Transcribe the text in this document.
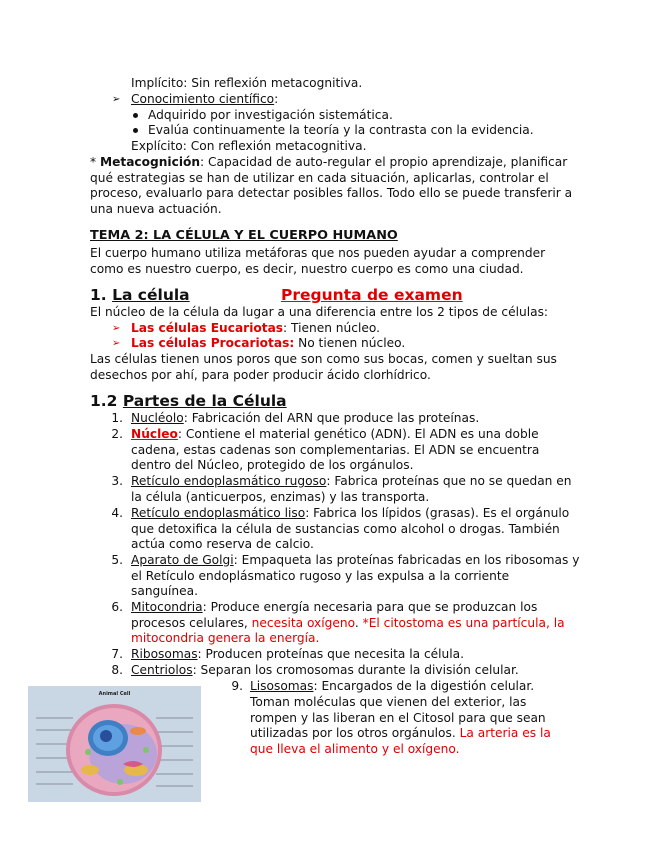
Implícito: Sin reflexión metacognitiva.
➢ Conocimiento científico:
Adquirido por investigación sistemática.
Evalúa continuamente la teoría y la contrasta con la evidencia.
Explícito: Con reflexión metacognitiva.
* Metacognición: Capacidad de auto-regular el propio aprendizaje, planificar
qué estrategias se han de utilizar en cada situación, aplicarlas, controlar el
proceso, evaluarlo para detectar posibles fallos. Todo ello se puede transferir a
una nueva actuación.
TEMA 2: LA CÉLULA Y EL CUERPO HUMANO
El cuerpo humano utiliza metáforas que nos pueden ayudar a comprender
como es nuestro cuerpo, es decir, nuestro cuerpo es como una ciudad.
1. La célula	Pregunta de examen
El núcleo de la célula da lugar a una diferencia entre los 2 tipos de células:
➢ Las células Eucariotas: Tienen núcleo.
➢ Las células Procariotas: No tienen núcleo.
Las células tienen unos poros que son como sus bocas, comen y sueltan sus
desechos por ahí, para poder producir ácido clorhídrico.
1.2 Partes de la Célula
1. Nucléolo: Fabricación del ARN que produce las proteínas.
2. Núcleo: Contiene el material genético (ADN). El ADN es una doble
cadena, estas cadenas son complementarias. El ADN se encuentra
dentro del Núcleo, protegido de los orgánulos.
3. Retículo endoplasmático rugoso: Fabrica proteínas que no se quedan en
la célula (anticuerpos, enzimas) y las transporta.
4. Retículo endoplasmático liso: Fabrica los lípidos (grasas). Es el orgánulo
que detoxifica la célula de sustancias como alcohol o drogas. También
actúa como reserva de calcio.
5. Aparato de Golgi: Empaqueta las proteínas fabricadas en los ribosomas y
el Retículo endoplásmatico rugoso y las expulsa a la corriente
sanguínea.
6. Mitocondria: Produce energía necesaria para que se produzcan los
procesos celulares, necesita oxígeno. *El citostoma es una partícula, la
mitocondria genera la energía.
7. Ribosomas: Producen proteínas que necesita la célula.
8. Centriolos: Separan los cromosomas durante la división celular.
9. Lisosomas: Encargados de la digestión celular.
Toman moléculas que vienen del exterior, las
rompen y las liberan en el Citosol para que sean
utilizadas por los otros orgánulos. La arteria es la
que lleva el alimento y el oxígeno.
Animal Cell
